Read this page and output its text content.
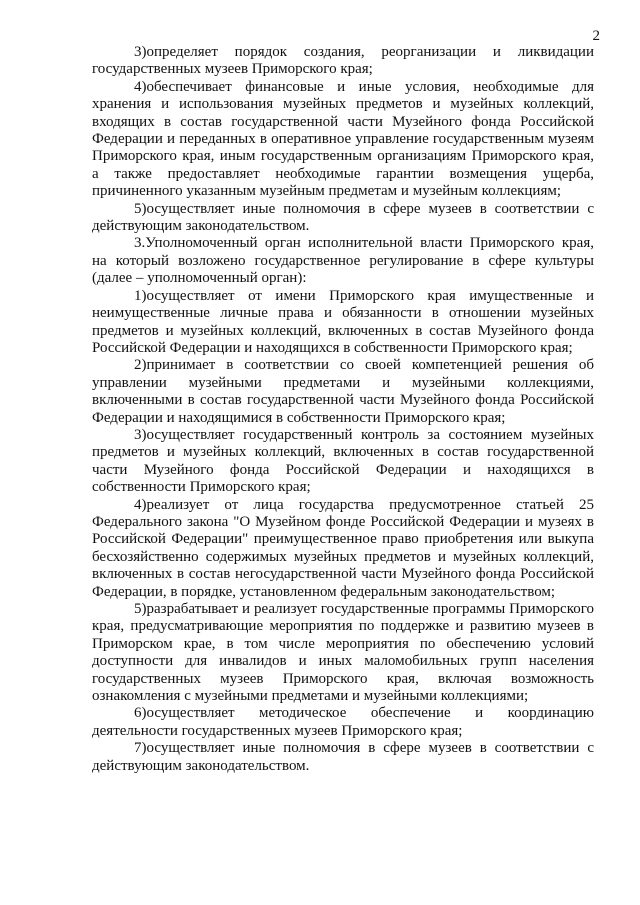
2

3)определяет порядок создания, реорганизации и ликвидации государственных музеев Приморского края;

4)обеспечивает финансовые и иные условия, необходимые для хранения и использования музейных предметов и музейных коллекций, входящих в состав государственной части Музейного фонда Российской Федерации и переданных в оперативное управление государственным музеям Приморского края, иным государственным организациям Приморского края, а также предоставляет необходимые гарантии возмещения ущерба, причиненного указанным музейным предметам и музейным коллекциям;

5)осуществляет иные полномочия в сфере музеев в соответствии с действующим законодательством.

3.Уполномоченный орган исполнительной власти Приморского края, на который возложено государственное регулирование в сфере культуры (далее – уполномоченный орган):

1)осуществляет от имени Приморского края имущественные и неимущественные личные права и обязанности в отношении музейных предметов и музейных коллекций, включенных в состав Музейного фонда Российской Федерации и находящихся в собственности Приморского края;

2)принимает в соответствии со своей компетенцией решения об управлении музейными предметами и музейными коллекциями, включенными в состав государственной части Музейного фонда Российской Федерации и находящимися в собственности Приморского края;

3)осуществляет государственный контроль за состоянием музейных предметов и музейных коллекций, включенных в состав государственной части Музейного фонда Российской Федерации и находящихся в собственности Приморского края;

4)реализует от лица государства предусмотренное статьей 25 Федерального закона "О Музейном фонде Российской Федерации и музеях в Российской Федерации" преимущественное право приобретения или выкупа бесхозяйственно содержимых музейных предметов и музейных коллекций, включенных в состав негосударственной части Музейного фонда Российской Федерации, в порядке, установленном федеральным законодательством;

5)разрабатывает и реализует государственные программы Приморского края, предусматривающие мероприятия по поддержке и развитию музеев в Приморском крае, в том числе мероприятия по обеспечению условий доступности для инвалидов и иных маломобильных групп населения государственных музеев Приморского края, включая возможность ознакомления с музейными предметами и музейными коллекциями;

6)осуществляет методическое обеспечение и координацию деятельности государственных музеев Приморского края;

7)осуществляет иные полномочия в сфере музеев в соответствии с действующим законодательством.
